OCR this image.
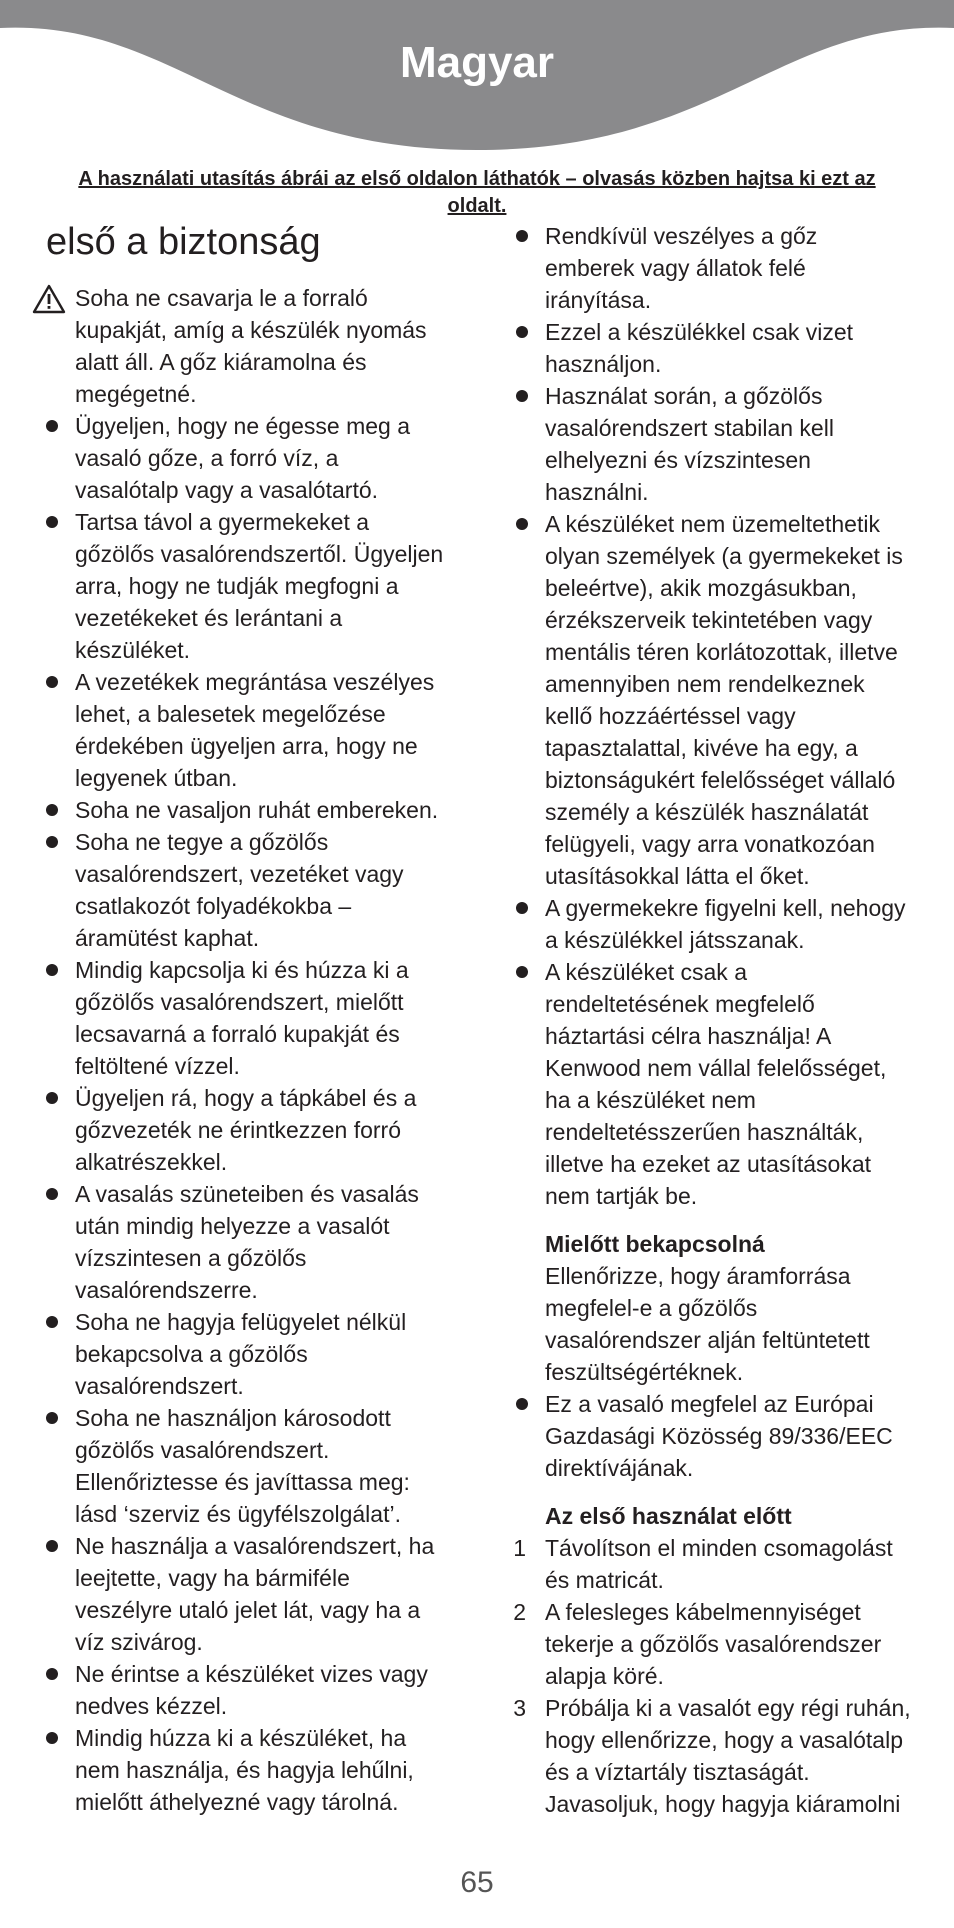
Magyar
A használati utasítás ábrái az első oldalon láthatók – olvasás közben hajtsa ki ezt az oldalt.
első a biztonság
Soha ne csavarja le a forraló
kupakját, amíg a készülék nyomás
alatt áll. A gőz kiáramolna és
megégetné.
Ügyeljen, hogy ne égesse meg a
vasaló gőze, a forró víz, a
vasalótalp vagy a vasalótartó.
Tartsa távol a gyermekeket a
gőzölős vasalórendszertől. Ügyeljen
arra, hogy ne tudják megfogni a
vezetékeket és lerántani a
készüléket.
A vezetékek megrántása veszélyes
lehet, a balesetek megelőzése
érdekében ügyeljen arra, hogy ne
legyenek útban.
Soha ne vasaljon ruhát embereken.
Soha ne tegye a gőzölős
vasalórendszert, vezetéket vagy
csatlakozót folyadékokba –
áramütést kaphat.
Mindig kapcsolja ki és húzza ki a
gőzölős vasalórendszert, mielőtt
lecsavarná a forraló kupakját és
feltöltené vízzel.
Ügyeljen rá, hogy a tápkábel és a
gőzvezeték ne érintkezzen forró
alkatrészekkel.
A vasalás szüneteiben és vasalás
után mindig helyezze a vasalót
vízszintesen a gőzölős
vasalórendszerre.
Soha ne hagyja felügyelet nélkül
bekapcsolva a gőzölős
vasalórendszert.
Soha ne használjon károsodott
gőzölős vasalórendszert.
Ellenőriztesse és javíttassa meg:
lásd ‘szerviz és ügyfélszolgálat’.
Ne használja a vasalórendszert, ha
leejtette, vagy ha bármiféle
veszélyre utaló jelet lát, vagy ha a
víz szivárog.
Ne érintse a készüléket vizes vagy
nedves kézzel.
Mindig húzza ki a készüléket, ha
nem használja, és hagyja lehűlni,
mielőtt áthelyezné vagy tárolná.
Rendkívül veszélyes a gőz
emberek vagy állatok felé
irányítása.
Ezzel a készülékkel csak vizet
használjon.
Használat során, a gőzölős
vasalórendszert stabilan kell
elhelyezni és vízszintesen
használni.
A készüléket nem üzemeltethetik
olyan személyek (a gyermekeket is
beleértve), akik mozgásukban,
érzékszerveik tekintetében vagy
mentális téren korlátozottak, illetve
amennyiben nem rendelkeznek
kellő hozzáértéssel vagy
tapasztalattal, kivéve ha egy, a
biztonságukért felelősséget vállaló
személy a készülék használatát
felügyeli, vagy arra vonatkozóan
utasításokkal látta el őket.
A gyermekekre figyelni kell, nehogy
a készülékkel játsszanak.
A készüléket csak a
rendeltetésének megfelelő
háztartási célra használja! A
Kenwood nem vállal felelősséget,
ha a készüléket nem
rendeltetésszerűen használták,
illetve ha ezeket az utasításokat
nem tartják be.
Mielőtt bekapcsolná
Ellenőrizze, hogy áramforrása
megfelel-e a gőzölős
vasalórendszer alján feltüntetett
feszültségértéknek.
Ez a vasaló megfelel az Európai
Gazdasági Közösség 89/336/EEC
direktívájának.
Az első használat előtt
1 Távolítson el minden csomagolást
és matricát.
2 A felesleges kábelmennyiséget
tekerje a gőzölős vasalórendszer
alapja köré.
3 Próbálja ki a vasalót egy régi ruhán,
hogy ellenőrizze, hogy a vasalótalp
és a víztartály tisztaságát.
Javasoljuk, hogy hagyja kiáramolni
65
